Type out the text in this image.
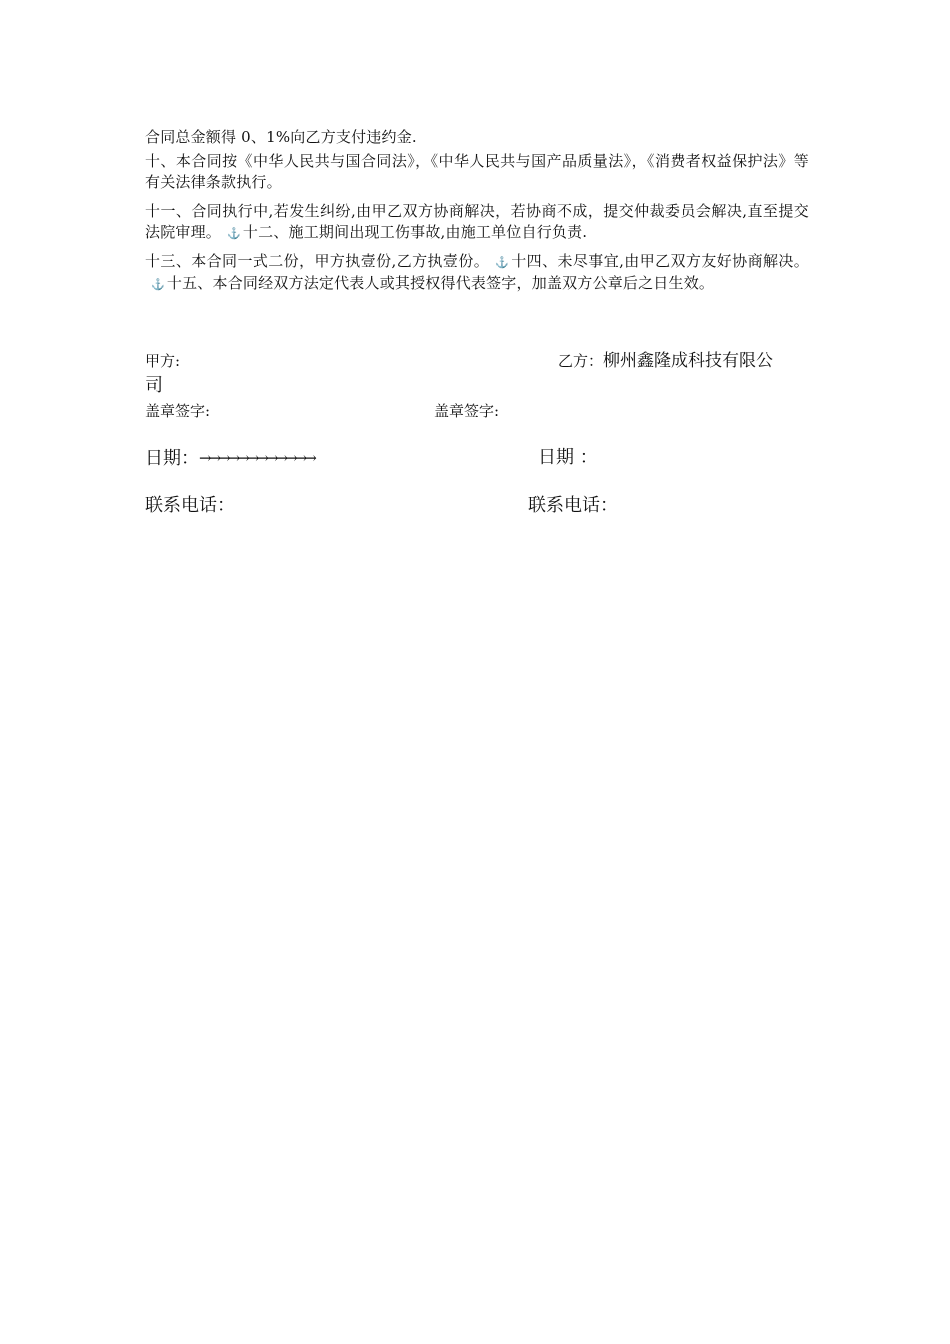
合同总金额得 0、1%向乙方支付违约金.
十、本合同按《中华人民共与国合同法》，《中华人民共与国产品质量法》，《消费者权益保护法》等有关法律条款执行。
十一、合同执行中,若发生纠纷,由甲乙双方协商解决，若协商不成，提交仲裁委员会解决,直至提交法院审理。 ⚓ 十二、施工期间出现工伤事故,由施工单位自行负责.
十三、本合同一式二份，甲方执壹份,乙方执壹份。 ⚓ 十四、未尽事宜,由甲乙双方友好协商解决。⚓ 十五、本合同经双方法定代表人或其授权得代表签字，加盖双方公章后之日生效。
甲方:	乙方：柳州鑫隆成科技有限公
司
盖章签字:	盖章签字:
日期：→→→→→→→→→→→→	日期 ：
联系电话：	联系电话：
